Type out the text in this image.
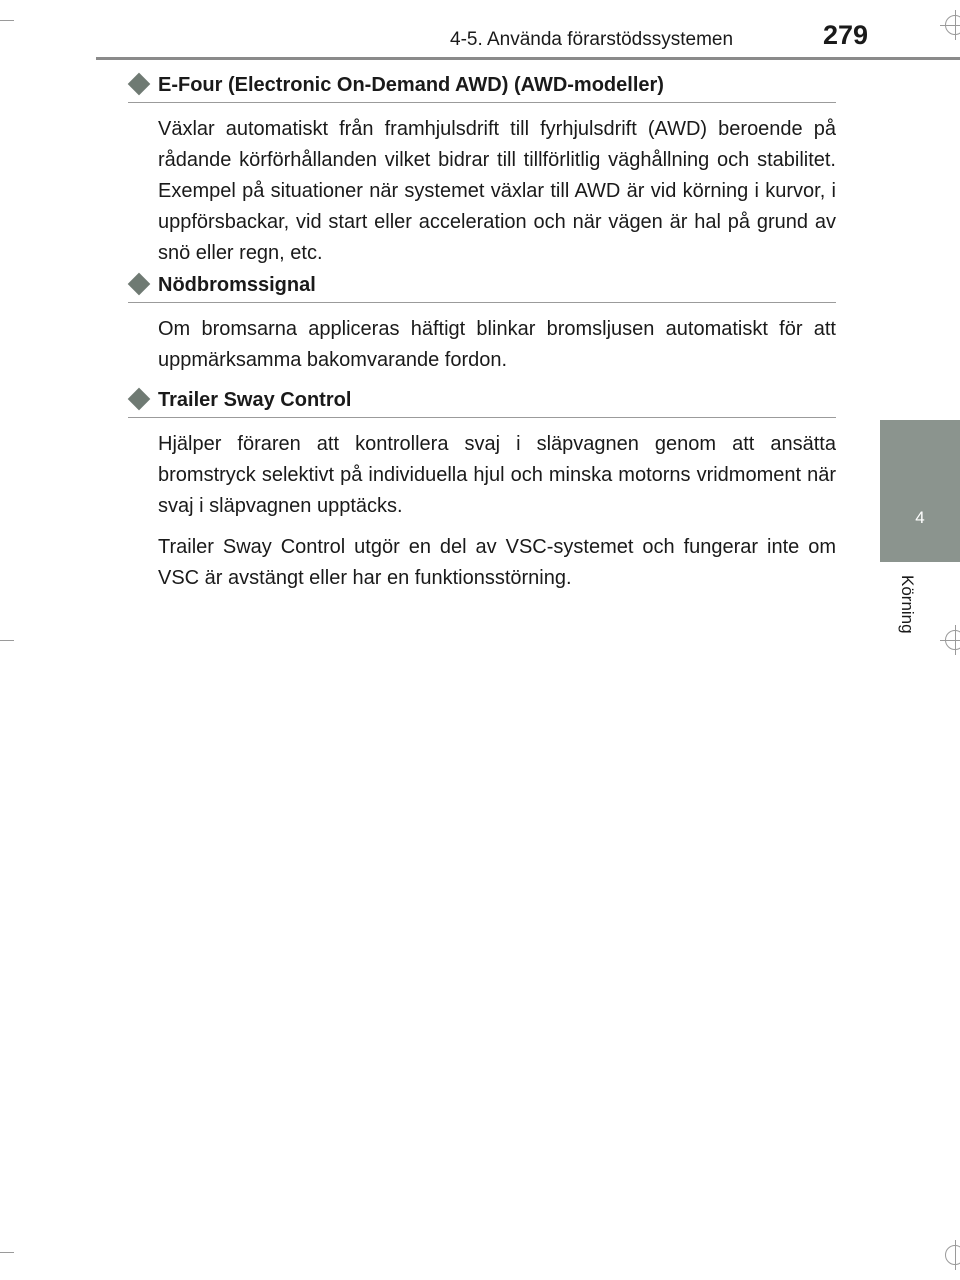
4-5. Använda förarstödssystemen	279
4
Körning
E-Four (Electronic On-Demand AWD) (AWD-modeller)

Växlar automatiskt från framhjulsdrift till fyrhjulsdrift (AWD) beroende på rådande körförhållanden vilket bidrar till tillförlitlig väghållning och stabilitet. Exempel på situationer när systemet växlar till AWD är vid körning i kurvor, i uppförsbackar, vid start eller acceleration och när vägen är hal på grund av snö eller regn, etc.

Nödbromssignal

Om bromsarna appliceras häftigt blinkar bromsljusen automatiskt för att uppmärksamma bakomvarande fordon.

Trailer Sway Control

Hjälper föraren att kontrollera svaj i släpvagnen genom att ansätta bromstryck selektivt på individuella hjul och minska motorns vridmoment när svaj i släpvagnen upptäcks.

Trailer Sway Control utgör en del av VSC-systemet och fungerar inte om VSC är avstängt eller har en funktionsstörning.
